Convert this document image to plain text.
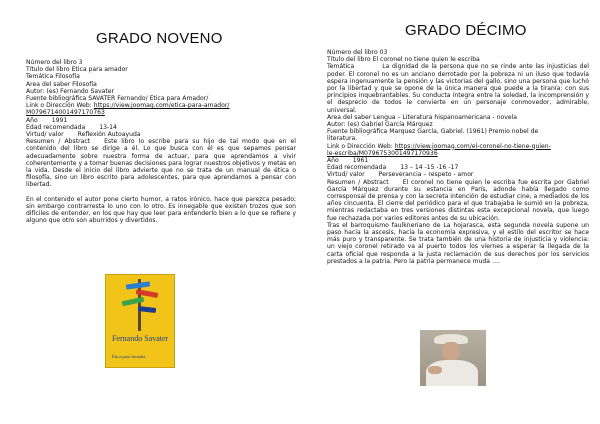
GRADO NOVENO
Número del libro 3
Título del libro Ética para amador
Temática Filosofía
Área del saber Filosofía
Autor: (es) Fernando Savater
Fuente bibliográfica SAVATER Fernando/ Ética para Amador/
Link o Dirección Web: https://view.joomag.com/etica-para-amador/
M0796714001497170763
Año 1991
Edad recomendada 13-14
Virtud/ valor Reflexión Autoayuda
Resumen / Abstract Este libro lo escribe para su hijo de tal modo que en el contenido del libro se dirige a él. Lo que busca con él es que sepamos pensar adecuadamente sobre nuestra forma de actuar, para que aprendamos a vivir coherentemente y a tomar buenas decisiones para lograr nuestros objetivos y metas en la vida. Desde el inicio del libro advierte que no se trata de un manual de ética o filosofía, sino un libro escrito para adolescentes, para que aprendamos a pensar con libertad.
En el contenido el autor pone cierto humor, a ratos irónico, hace que parezca pesado; sin embargo contrarresta lo uno con lo otro. Es innegable que existen trozos que son difíciles de entender, en los que hay que leer para entenderlo bien a lo que se refiere y alguno que otro son aburridos y divertidos.
Fernando Savater
Ética para Amador
GRADO DÉCIMO
Número del libro 03
Título del libro El coronel no tiene quien le escriba
Temática	La dignidad de la persona que no se rinde ante las injusticias del poder. El coronel no es un anciano derrotado por la pobreza ni un iluso que todavía espera ingenuamente la pensión y las victorias del gallo, sino una persona que luchó por la libertad y que se opone de la única manera que puede a la tiranía: con sus principios inquebrantables. Su conducta íntegra entre la soledad, la incomprensión y el desprecio de todos le convierte en un personaje conmovedor, admirable, universal.
Área del saber Lengua – Literatura hispanoamericana - novela
Autor: (es) Gabriel García Márquez
Fuente bibliográfica Marquez García, Gabriel. (1961) Premio nobel de
literatura.
Link o Dirección Web: https://view.joomag.com/el-coronel-no-tiene-quien-
le-escriba/M0796753001497170936
Año 1961
Edad recomendada 13 – 14 -15 -16 -17
Virtud/ valor Perseverancia – respeto - amor
Resumen / Abstract El coronel no tiene quien le escriba fue escrita por Gabriel García Márquez durante su estancia en París, adonde había llegado como corresponsal de prensa y con la secreta intención de estudiar cine, a mediados de los años cincuenta. El cierre del periódico para el que trabajaba le sumió en la pobreza, mientras redactaba en tres versiones distintas esta excepcional novela, que luego fue rechazada por varios editores antes de su ubicación.
Tras el barroquismo faulkneriano de La hojarasca, esta segunda novela supone un paso hacia la ascesis, hacia la economía expresiva, y el estilo del escritor se hace más puro y transparente. Se trata también de una historia de injusticia y violencia: un viejo coronel retirado va al puerto todos los viernes a esperar la llegada de la carta oficial que responda a la justa reclamación de sus derechos por los servicios prestados a la patria. Pero la patria permanece muda ….
